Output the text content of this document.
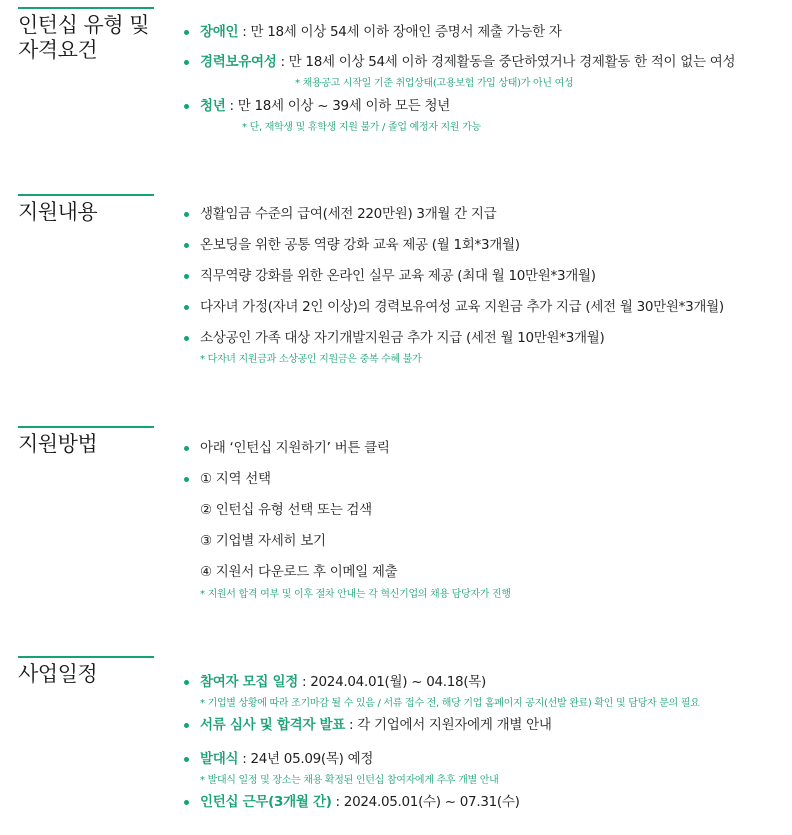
인턴십 유형 및
자격요건
장애인 : 만 18세 이상 54세 이하 장애인 증명서 제출 가능한 자
경력보유여성 : 만 18세 이상 54세 이하 경제활동을 중단하였거나 경제활동 한 적이 없는 여성
* 채용공고 시작일 기준 취업상태(고용보험 가입 상태)가 아닌 여성
청년 : 만 18세 이상 ~ 39세 이하 모든 청년
* 단, 재학생 및 휴학생 지원 불가 / 졸업 예정자 지원 가능
지원내용	생활임금 수준의 급여(세전 220만원) 3개월 간 지급
온보딩을 위한 공통 역량 강화 교육 제공 (월 1회*3개월)
직무역량 강화를 위한 온라인 실무 교육 제공 (최대 월 10만원*3개월)
다자녀 가정(자녀 2인 이상)의 경력보유여성 교육 지원금 추가 지급 (세전 월 30만원*3개월)
소상공인 가족 대상 자기개발지원금 추가 지급 (세전 월 10만원*3개월)
* 다자녀 지원금과 소상공인 지원금은 중복 수혜 불가
지원방법	아래 ‘인턴십 지원하기’ 버튼 클릭
① 지역 선택
② 인턴십 유형 선택 또는 검색
③ 기업별 자세히 보기
④ 지원서 다운로드 후 이메일 제출
* 지원서 합격 여부 및 이후 절차 안내는 각 혁신기업의 채용 담당자가 진행
사업일정	참여자 모집 일정 : 2024.04.01(월) ~ 04.18(목)
* 기업별 상황에 따라 조기마감 될 수 있음 / 서류 접수 전, 해당 기업 홈페이지 공지(선발 완료) 확인 및 담당자 문의 필요
서류 심사 및 합격자 발표 : 각 기업에서 지원자에게 개별 안내
발대식 : 24년 05.09(목) 예정
* 발대식 일정 및 장소는 채용 확정된 인턴십 참여자에게 추후 개별 안내
인턴십 근무(3개월 간) : 2024.05.01(수) ~ 07.31(수)
